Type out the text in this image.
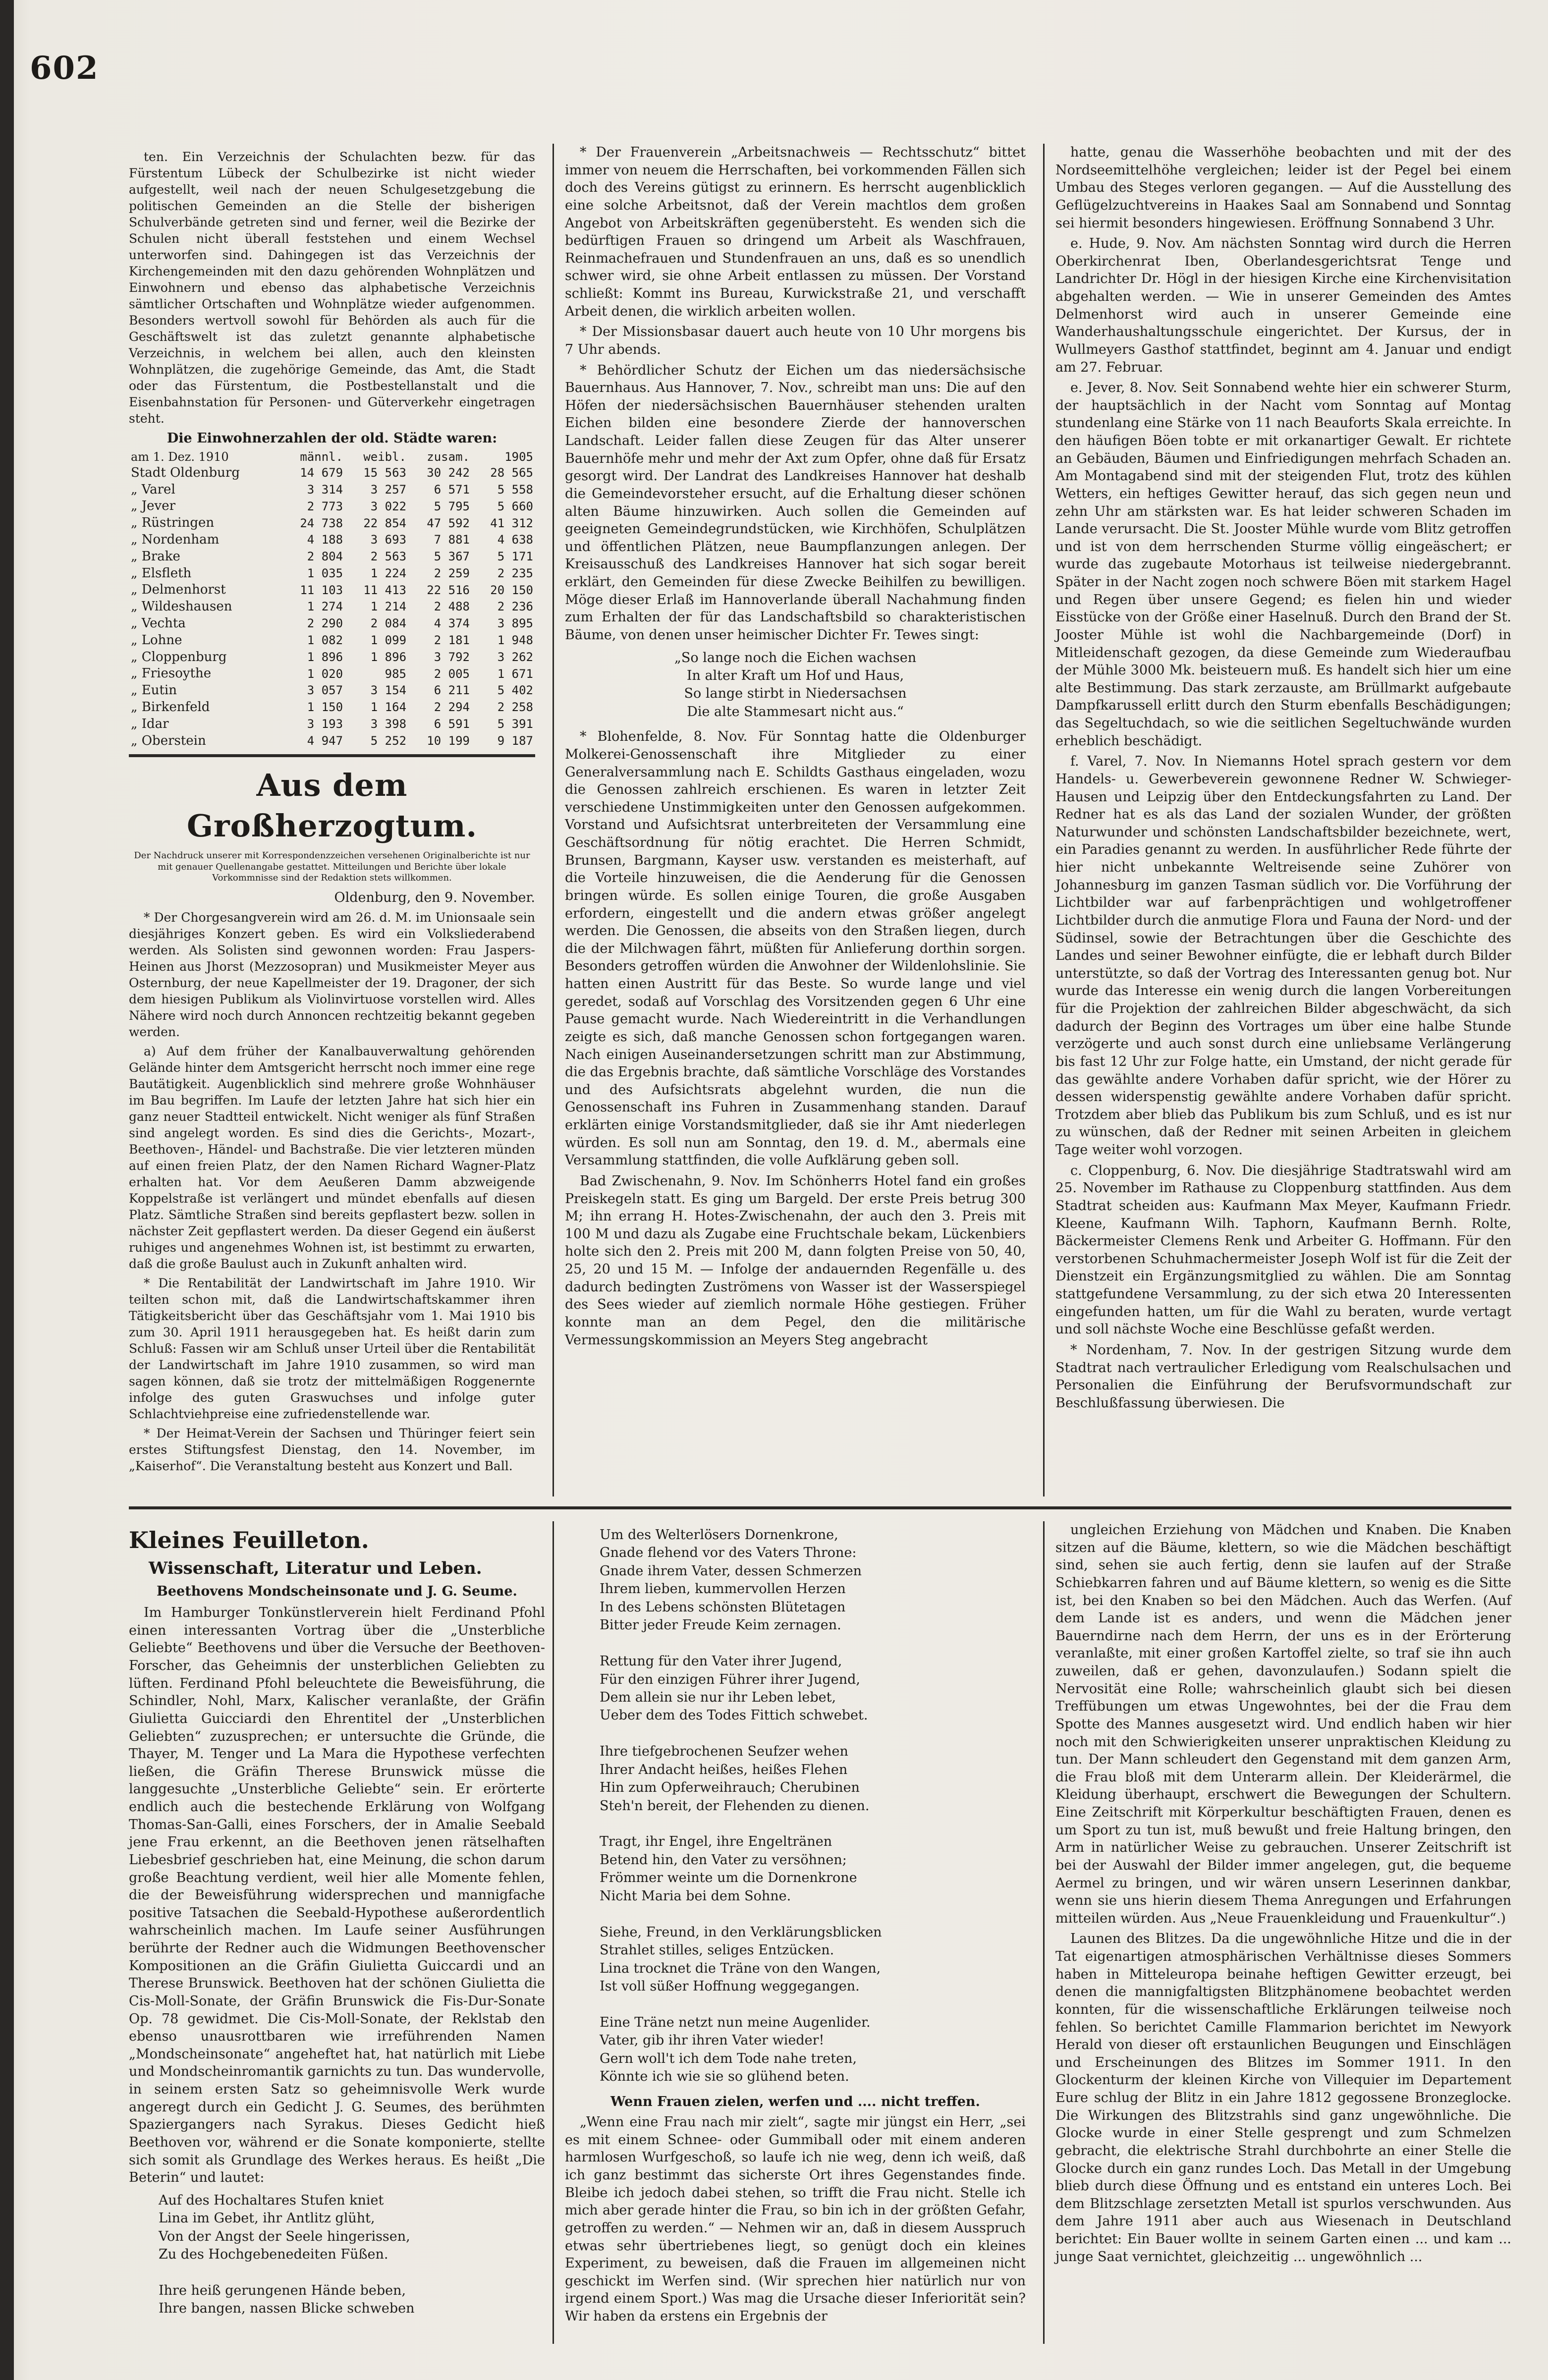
602

ten. Ein Verzeichnis der Schulachten bezw. für das Fürstentum Lübeck der Schulbezirke ist nicht wieder aufgestellt, weil nach der neuen Schulgesetzgebung die politischen Gemeinden an die Stelle der bisherigen Schulverbände getreten sind und ferner, weil die Bezirke der Schulen nicht überall feststehen und einem Wechsel unterworfen sind. Dahingegen ist das Verzeichnis der Kirchengemeinden mit den dazu gehörenden Wohnplätzen und Einwohnern und ebenso das alphabetische Verzeichnis sämtlicher Ortschaften und Wohnplätze wieder aufgenommen. Besonders wertvoll sowohl für Behörden als auch für die Geschäftswelt ist das zuletzt genannte alphabetische Verzeichnis, in welchem bei allen, auch den kleinsten Wohnplätzen, die zugehörige Gemeinde, das Amt, die Stadt oder das Fürstentum, die Postbestellanstalt und die Eisenbahnstation für Personen- und Güterverkehr eingetragen steht.

Die Einwohnerzahlen der old. Städte waren:
am 1. Dez. 1910	männl.	weibl.	zusam.	1905
Stadt Oldenburg	14 679	15 563	30 242	28 565
„ Varel	3 314	3 257	6 571	5 558
„ Jever	2 773	3 022	5 795	5 660
„ Rüstringen	24 738	22 854	47 592	41 312
„ Nordenham	4 188	3 693	7 881	4 638
„ Brake	2 804	2 563	5 367	5 171
„ Elsfleth	1 035	1 224	2 259	2 235
„ Delmenhorst	11 103	11 413	22 516	20 150
„ Wildeshausen	1 274	1 214	2 488	2 236
„ Vechta	2 290	2 084	4 374	3 895
„ Lohne	1 082	1 099	2 181	1 948
„ Cloppenburg	1 896	1 896	3 792	3 262
„ Friesoythe	1 020	985	2 005	1 671
„ Eutin	3 057	3 154	6 211	5 402
„ Birkenfeld	1 150	1 164	2 294	2 258
„ Idar	3 193	3 398	6 591	5 391
„ Oberstein	4 947	5 252	10 199	9 187
Aus dem Großherzogtum.
Der Nachdruck unserer mit Korrespondenzzeichen versehenen Originalberichte ist nur mit genauer Quellenangabe gestattet. Mitteilungen und Berichte über lokale Vorkommnisse sind der Redaktion stets willkommen.
Oldenburg, den 9. November.

* Der Chorgesangverein wird am 26. d. M. im Unionsaale sein diesjähriges Konzert geben. Es wird ein Volksliederabend werden. Als Solisten sind gewonnen worden: Frau Jaspers-Heinen aus Jhorst (Mezzosopran) und Musikmeister Meyer aus Osternburg, der neue Kapellmeister der 19. Dragoner, der sich dem hiesigen Publikum als Violinvirtuose vorstellen wird. Alles Nähere wird noch durch Annoncen rechtzeitig bekannt gegeben werden.

a) Auf dem früher der Kanalbauverwaltung gehörenden Gelände hinter dem Amtsgericht herrscht noch immer eine rege Bautätigkeit. Augenblicklich sind mehrere große Wohnhäuser im Bau begriffen. Im Laufe der letzten Jahre hat sich hier ein ganz neuer Stadtteil entwickelt. Nicht weniger als fünf Straßen sind angelegt worden. Es sind dies die Gerichts-, Mozart-, Beethoven-, Händel- und Bachstraße. Die vier letzteren münden auf einen freien Platz, der den Namen Richard Wagner-Platz erhalten hat. Vor dem Aeußeren Damm abzweigende Koppelstraße ist verlängert und mündet ebenfalls auf diesen Platz. Sämtliche Straßen sind bereits gepflastert bezw. sollen in nächster Zeit gepflastert werden. Da dieser Gegend ein äußerst ruhiges und angenehmes Wohnen ist, ist bestimmt zu erwarten, daß die große Baulust auch in Zukunft anhalten wird.

* Die Rentabilität der Landwirtschaft im Jahre 1910. Wir teilten schon mit, daß die Landwirtschaftskammer ihren Tätigkeitsbericht über das Geschäftsjahr vom 1. Mai 1910 bis zum 30. April 1911 herausgegeben hat. Es heißt darin zum Schluß: Fassen wir am Schluß unser Urteil über die Rentabilität der Landwirtschaft im Jahre 1910 zusammen, so wird man sagen können, daß sie trotz der mittelmäßigen Roggenernte infolge des guten Graswuchses und infolge guter Schlachtviehpreise eine zufriedenstellende war.

* Der Heimat-Verein der Sachsen und Thüringer feiert sein erstes Stiftungsfest Dienstag, den 14. November, im „Kaiserhof“. Die Veranstaltung besteht aus Konzert und Ball.

* Der Frauenverein „Arbeitsnachweis — Rechtsschutz“ bittet immer von neuem die Herrschaften, bei vorkommenden Fällen sich doch des Vereins gütigst zu erinnern. Es herrscht augenblicklich eine solche Arbeitsnot, daß der Verein machtlos dem großen Angebot von Arbeitskräften gegenübersteht. Es wenden sich die bedürftigen Frauen so dringend um Arbeit als Waschfrauen, Reinmachefrauen und Stundenfrauen an uns, daß es so unendlich schwer wird, sie ohne Arbeit entlassen zu müssen. Der Vorstand schließt: Kommt ins Bureau, Kurwickstraße 21, und verschafft Arbeit denen, die wirklich arbeiten wollen.

* Der Missionsbasar dauert auch heute von 10 Uhr morgens bis 7 Uhr abends.

* Behördlicher Schutz der Eichen um das niedersächsische Bauernhaus. Aus Hannover, 7. Nov., schreibt man uns: Die auf den Höfen der niedersächsischen Bauernhäuser stehenden uralten Eichen bilden eine besondere Zierde der hannoverschen Landschaft. Leider fallen diese Zeugen für das Alter unserer Bauernhöfe mehr und mehr der Axt zum Opfer, ohne daß für Ersatz gesorgt wird. Der Landrat des Landkreises Hannover hat deshalb die Gemeindevorsteher ersucht, auf die Erhaltung dieser schönen alten Bäume hinzuwirken. Auch sollen die Gemeinden auf geeigneten Gemeindegrundstücken, wie Kirchhöfen, Schulplätzen und öffentlichen Plätzen, neue Baumpflanzungen anlegen. Der Kreisausschuß des Landkreises Hannover hat sich sogar bereit erklärt, den Gemeinden für diese Zwecke Beihilfen zu bewilligen. Möge dieser Erlaß im Hannoverlande überall Nachahmung finden zum Erhalten der für das Landschaftsbild so charakteristischen Bäume, von denen unser heimischer Dichter Fr. Tewes singt:

„So lange noch die Eichen wachsen
In alter Kraft um Hof und Haus,
So lange stirbt in Niedersachsen
Die alte Stammesart nicht aus.“

* Blohenfelde, 8. Nov. Für Sonntag hatte die Oldenburger Molkerei-Genossenschaft ihre Mitglieder zu einer Generalversammlung nach E. Schildts Gasthaus eingeladen, wozu die Genossen zahlreich erschienen. Es waren in letzter Zeit verschiedene Unstimmigkeiten unter den Genossen aufgekommen. Vorstand und Aufsichtsrat unterbreiteten der Versammlung eine Geschäftsordnung für nötig erachtet. Die Herren Schmidt, Brunsen, Bargmann, Kayser usw. verstanden es meisterhaft, auf die Vorteile hinzuweisen, die die Aenderung für die Genossen bringen würde. Es sollen einige Touren, die große Ausgaben erfordern, eingestellt und die andern etwas größer angelegt werden. Die Genossen, die abseits von den Straßen liegen, durch die der Milchwagen fährt, müßten für Anlieferung dorthin sorgen. Besonders getroffen würden die Anwohner der Wildenlohslinie. Sie hatten einen Austritt für das Beste. So wurde lange und viel geredet, sodaß auf Vorschlag des Vorsitzenden gegen 6 Uhr eine Pause gemacht wurde. Nach Wiedereintritt in die Verhandlungen zeigte es sich, daß manche Genossen schon fortgegangen waren. Nach einigen Auseinandersetzungen schritt man zur Abstimmung, die das Ergebnis brachte, daß sämtliche Vorschläge des Vorstandes und des Aufsichtsrats abgelehnt wurden, die nun die Genossenschaft ins Fuhren in Zusammenhang standen. Darauf erklärten einige Vorstandsmitglieder, daß sie ihr Amt niederlegen würden. Es soll nun am Sonntag, den 19. d. M., abermals eine Versammlung stattfinden, die volle Aufklärung geben soll.

Bad Zwischenahn, 9. Nov. Im Schönherrs Hotel fand ein großes Preiskegeln statt. Es ging um Bargeld. Der erste Preis betrug 300 M; ihn errang H. Hotes-Zwischenahn, der auch den 3. Preis mit 100 M und dazu als Zugabe eine Fruchtschale bekam, Lückenbiers holte sich den 2. Preis mit 200 M, dann folgten Preise von 50, 40, 25, 20 und 15 M. — Infolge der andauernden Regenfälle u. des dadurch bedingten Zuströmens von Wasser ist der Wasserspiegel des Sees wieder auf ziemlich normale Höhe gestiegen. Früher konnte man an dem Pegel, den die militärische Vermessungskommission an Meyers Steg angebracht

hatte, genau die Wasserhöhe beobachten und mit der des Nordseemittelhöhe vergleichen; leider ist der Pegel bei einem Umbau des Steges verloren gegangen. — Auf die Ausstellung des Geflügelzuchtvereins in Haakes Saal am Sonnabend und Sonntag sei hiermit besonders hingewiesen. Eröffnung Sonnabend 3 Uhr.

e. Hude, 9. Nov. Am nächsten Sonntag wird durch die Herren Oberkirchenrat Iben, Oberlandesgerichtsrat Tenge und Landrichter Dr. Högl in der hiesigen Kirche eine Kirchenvisitation abgehalten werden. — Wie in unserer Gemeinden des Amtes Delmenhorst wird auch in unserer Gemeinde eine Wanderhaushaltungsschule eingerichtet. Der Kursus, der in Wullmeyers Gasthof stattfindet, beginnt am 4. Januar und endigt am 27. Februar.

e. Jever, 8. Nov. Seit Sonnabend wehte hier ein schwerer Sturm, der hauptsächlich in der Nacht vom Sonntag auf Montag stundenlang eine Stärke von 11 nach Beauforts Skala erreichte. In den häufigen Böen tobte er mit orkanartiger Gewalt. Er richtete an Gebäuden, Bäumen und Einfriedigungen mehrfach Schaden an. Am Montagabend sind mit der steigenden Flut, trotz des kühlen Wetters, ein heftiges Gewitter herauf, das sich gegen neun und zehn Uhr am stärksten war. Es hat leider schweren Schaden im Lande verursacht. Die St. Jooster Mühle wurde vom Blitz getroffen und ist von dem herrschenden Sturme völlig eingeäschert; er wurde das zugebaute Motorhaus ist teilweise niedergebrannt. Später in der Nacht zogen noch schwere Böen mit starkem Hagel und Regen über unsere Gegend; es fielen hin und wieder Eisstücke von der Größe einer Haselnuß. Durch den Brand der St. Jooster Mühle ist wohl die Nachbargemeinde (Dorf) in Mitleidenschaft gezogen, da diese Gemeinde zum Wiederaufbau der Mühle 3000 Mk. beisteuern muß. Es handelt sich hier um eine alte Bestimmung. Das stark zerzauste, am Brüllmarkt aufgebaute Dampfkarussell erlitt durch den Sturm ebenfalls Beschädigungen; das Segeltuchdach, so wie die seitlichen Segeltuchwände wurden erheblich beschädigt.

f. Varel, 7. Nov. In Niemanns Hotel sprach gestern vor dem Handels- u. Gewerbeverein gewonnene Redner W. Schwieger-Hausen und Leipzig über den Entdeckungsfahrten zu Land. Der Redner hat es als das Land der sozialen Wunder, der größten Naturwunder und schönsten Landschaftsbilder bezeichnete, wert, ein Paradies genannt zu werden. In ausführlicher Rede führte der hier nicht unbekannte Weltreisende seine Zuhörer von Johannesburg im ganzen Tasman südlich vor. Die Vorführung der Lichtbilder war auf farbenprächtigen und wohlgetroffener Lichtbilder durch die anmutige Flora und Fauna der Nord- und der Südinsel, sowie der Betrachtungen über die Geschichte des Landes und seiner Bewohner einfügte, die er lebhaft durch Bilder unterstützte, so daß der Vortrag des Interessanten genug bot. Nur wurde das Interesse ein wenig durch die langen Vorbereitungen für die Projektion der zahlreichen Bilder abgeschwächt, da sich dadurch der Beginn des Vortrages um über eine halbe Stunde verzögerte und auch sonst durch eine unliebsame Verlängerung bis fast 12 Uhr zur Folge hatte, ein Umstand, der nicht gerade für das gewählte andere Vorhaben dafür spricht, wie der Hörer zu dessen widerspenstig gewählte andere Vorhaben dafür spricht. Trotzdem aber blieb das Publikum bis zum Schluß, und es ist nur zu wünschen, daß der Redner mit seinen Arbeiten in gleichem Tage weiter wohl vorzogen.

c. Cloppenburg, 6. Nov. Die diesjährige Stadtratswahl wird am 25. November im Rathause zu Cloppenburg stattfinden. Aus dem Stadtrat scheiden aus: Kaufmann Max Meyer, Kaufmann Friedr. Kleene, Kaufmann Wilh. Taphorn, Kaufmann Bernh. Rolte, Bäckermeister Clemens Renk und Arbeiter G. Hoffmann. Für den verstorbenen Schuhmachermeister Joseph Wolf ist für die Zeit der Dienstzeit ein Ergänzungsmitglied zu wählen. Die am Sonntag stattgefundene Versammlung, zu der sich etwa 20 Interessenten eingefunden hatten, um für die Wahl zu beraten, wurde vertagt und soll nächste Woche eine Beschlüsse gefaßt werden.

* Nordenham, 7. Nov. In der gestrigen Sitzung wurde dem Stadtrat nach vertraulicher Erledigung vom Realschulsachen und Personalien die Einführung der Berufsvormundschaft zur Beschlußfassung überwiesen. Die

Kleines Feuilleton.
Wissenschaft, Literatur und Leben.
Beethovens Mondscheinsonate und J. G. Seume.

Im Hamburger Tonkünstlerverein hielt Ferdinand Pfohl einen interessanten Vortrag über die „Unsterbliche Geliebte“ Beethovens und über die Versuche der Beethoven-Forscher, das Geheimnis der unsterblichen Geliebten zu lüften. Ferdinand Pfohl beleuchtete die Beweisführung, die Schindler, Nohl, Marx, Kalischer veranlaßte, der Gräfin Giulietta Guicciardi den Ehrentitel der „Unsterblichen Geliebten“ zuzusprechen; er untersuchte die Gründe, die Thayer, M. Tenger und La Mara die Hypothese verfechten ließen, die Gräfin Therese Brunswick müsse die langgesuchte „Unsterbliche Geliebte“ sein. Er erörterte endlich auch die bestechende Erklärung von Wolfgang Thomas-San-Galli, eines Forschers, der in Amalie Seebald jene Frau erkennt, an die Beethoven jenen rätselhaften Liebesbrief geschrieben hat, eine Meinung, die schon darum große Beachtung verdient, weil hier alle Momente fehlen, die der Beweisführung widersprechen und mannigfache positive Tatsachen die Seebald-Hypothese außerordentlich wahrscheinlich machen. Im Laufe seiner Ausführungen berührte der Redner auch die Widmungen Beethovenscher Kompositionen an die Gräfin Giulietta Guiccardi und an Therese Brunswick. Beethoven hat der schönen Giulietta die Cis-Moll-Sonate, der Gräfin Brunswick die Fis-Dur-Sonate Op. 78 gewidmet. Die Cis-Moll-Sonate, der Reklstab den ebenso unausrottbaren wie irreführenden Namen „Mondscheinsonate“ angeheftet hat, hat natürlich mit Liebe und Mondscheinromantik garnichts zu tun. Das wundervolle, in seinem ersten Satz so geheimnisvolle Werk wurde angeregt durch ein Gedicht J. G. Seumes, des berühmten Spaziergangers nach Syrakus. Dieses Gedicht hieß Beethoven vor, während er die Sonate komponierte, stellte sich somit als Grundlage des Werkes heraus. Es heißt „Die Beterin“ und lautet:

Auf des Hochaltares Stufen kniet
Lina im Gebet, ihr Antlitz glüht,
Von der Angst der Seele hingerissen,
Zu des Hochgebenedeiten Füßen.

Ihre heiß gerungenen Hände beben,
Ihre bangen, nassen Blicke schweben
Um des Welterlösers Dornenkrone,
Gnade flehend vor des Vaters Throne:
Gnade ihrem Vater, dessen Schmerzen
Ihrem lieben, kummervollen Herzen
In des Lebens schönsten Blütetagen
Bitter jeder Freude Keim zernagen.

Rettung für den Vater ihrer Jugend,
Für den einzigen Führer ihrer Jugend,
Dem allein sie nur ihr Leben lebet,
Ueber dem des Todes Fittich schwebet.

Ihre tiefgebrochenen Seufzer wehen
Ihrer Andacht heißes, heißes Flehen
Hin zum Opferweihrauch; Cherubinen
Steh'n bereit, der Flehenden zu dienen.

Tragt, ihr Engel, ihre Engeltränen
Betend hin, den Vater zu versöhnen;
Frömmer weinte um die Dornenkrone
Nicht Maria bei dem Sohne.

Siehe, Freund, in den Verklärungsblicken
Strahlet stilles, seliges Entzücken.
Lina trocknet die Träne von den Wangen,
Ist voll süßer Hoffnung weggegangen.

Eine Träne netzt nun meine Augenlider.
Vater, gib ihr ihren Vater wieder!
Gern woll't ich dem Tode nahe treten,
Könnte ich wie sie so glühend beten.
Wenn Frauen zielen, werfen und .... nicht treffen.

„Wenn eine Frau nach mir zielt“, sagte mir jüngst ein Herr, „sei es mit einem Schnee- oder Gummiball oder mit einem anderen harmlosen Wurfgeschoß, so laufe ich nie weg, denn ich weiß, daß ich ganz bestimmt das sicherste Ort ihres Gegenstandes finde. Bleibe ich jedoch dabei stehen, so trifft die Frau nicht. Stelle ich mich aber gerade hinter die Frau, so bin ich in der größten Gefahr, getroffen zu werden.“ — Nehmen wir an, daß in diesem Ausspruch etwas sehr übertriebenes liegt, so genügt doch ein kleines Experiment, zu beweisen, daß die Frauen im allgemeinen nicht geschickt im Werfen sind. (Wir sprechen hier natürlich nur von irgend einem Sport.) Was mag die Ursache dieser Inferiorität sein? Wir haben da erstens ein Ergebnis der

ungleichen Erziehung von Mädchen und Knaben. Die Knaben sitzen auf die Bäume, klettern, so wie die Mädchen beschäftigt sind, sehen sie auch fertig, denn sie laufen auf der Straße Schiebkarren fahren und auf Bäume klettern, so wenig es die Sitte ist, bei den Knaben so bei den Mädchen. Auch das Werfen. (Auf dem Lande ist es anders, und wenn die Mädchen jener Bauerndirne nach dem Herrn, der uns es in der Erörterung veranlaßte, mit einer großen Kartoffel zielte, so traf sie ihn auch zuweilen, daß er gehen, davonzulaufen.) Sodann spielt die Nervosität eine Rolle; wahrscheinlich glaubt sich bei diesen Treffübungen um etwas Ungewohntes, bei der die Frau dem Spotte des Mannes ausgesetzt wird. Und endlich haben wir hier noch mit den Schwierigkeiten unserer unpraktischen Kleidung zu tun. Der Mann schleudert den Gegenstand mit dem ganzen Arm, die Frau bloß mit dem Unterarm allein. Der Kleiderärmel, die Kleidung überhaupt, erschwert die Bewegungen der Schultern. Eine Zeitschrift mit Körperkultur beschäftigten Frauen, denen es um Sport zu tun ist, muß bewußt und freie Haltung bringen, den Arm in natürlicher Weise zu gebrauchen. Unserer Zeitschrift ist bei der Auswahl der Bilder immer angelegen, gut, die bequeme Aermel zu bringen, und wir wären unsern Leserinnen dankbar, wenn sie uns hierin diesem Thema Anregungen und Erfahrungen mitteilen würden. Aus „Neue Frauenkleidung und Frauenkultur“.)

Launen des Blitzes. Da die ungewöhnliche Hitze und die in der Tat eigenartigen atmosphärischen Verhältnisse dieses Sommers haben in Mitteleuropa beinahe heftigen Gewitter erzeugt, bei denen die mannigfaltigsten Blitzphänomene beobachtet werden konnten, für die wissenschaftliche Erklärungen teilweise noch fehlen. So berichtet Camille Flammarion berichtet im Newyork Herald von dieser oft erstaunlichen Beugungen und Einschlägen und Erscheinungen des Blitzes im Sommer 1911. In den Glockenturm der kleinen Kirche von Villequier im Departement Eure schlug der Blitz in ein Jahre 1812 gegossene Bronzeglocke. Die Wirkungen des Blitzstrahls sind ganz ungewöhnliche. Die Glocke wurde in einer Stelle gesprengt und zum Schmelzen gebracht, die elektrische Strahl durchbohrte an einer Stelle die Glocke durch ein ganz rundes Loch. Das Metall in der Umgebung blieb durch diese Öffnung und es entstand ein unteres Loch. Bei dem Blitzschlage zersetzten Metall ist spurlos verschwunden. Aus dem Jahre 1911 aber auch aus Wiesenach in Deutschland berichtet: Ein Bauer wollte in seinem Garten einen ... und kam ... junge Saat vernichtet, gleichzeitig ... ungewöhnlich ...
